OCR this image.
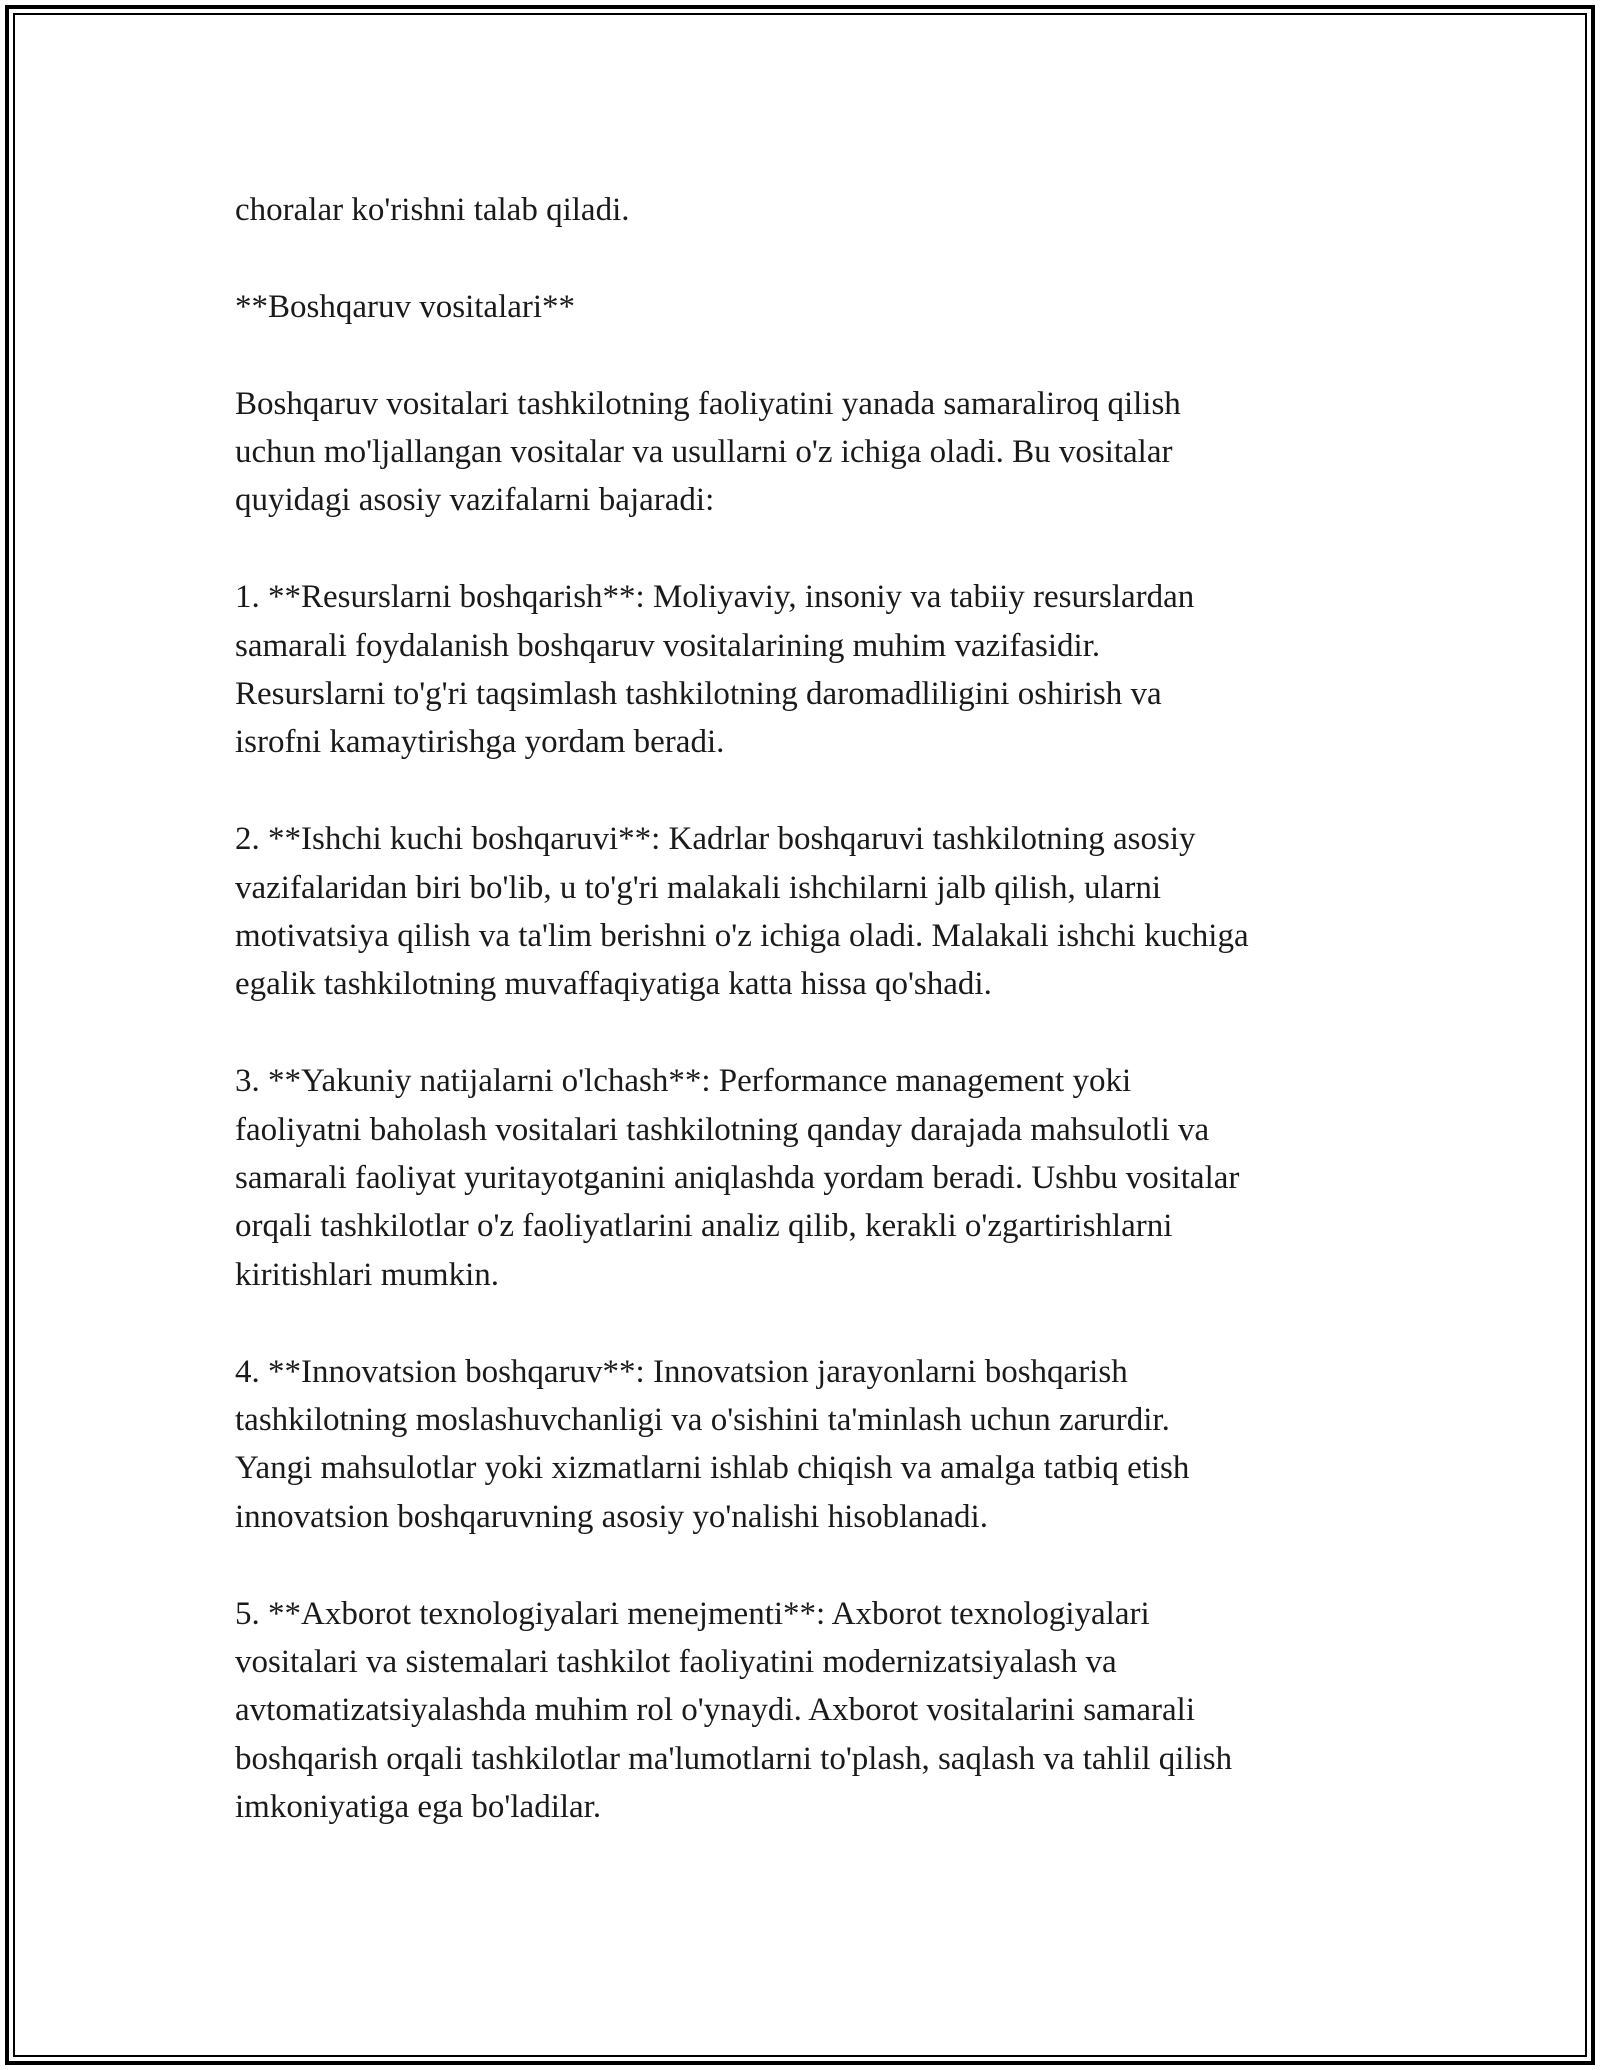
choralar ko'rishni talab qiladi.

**Boshqaruv vositalari**

Boshqaruv vositalari tashkilotning faoliyatini yanada samaraliroq qilish
uchun mo'ljallangan vositalar va usullarni o'z ichiga oladi. Bu vositalar
quyidagi asosiy vazifalarni bajaradi:

1. **Resurslarni boshqarish**: Moliyaviy, insoniy va tabiiy resurslardan
samarali foydalanish boshqaruv vositalarining muhim vazifasidir.
Resurslarni to'g'ri taqsimlash tashkilotning daromadliligini oshirish va
isrofni kamaytirishga yordam beradi.

2. **Ishchi kuchi boshqaruvi**: Kadrlar boshqaruvi tashkilotning asosiy
vazifalaridan biri bo'lib, u to'g'ri malakali ishchilarni jalb qilish, ularni
motivatsiya qilish va ta'lim berishni o'z ichiga oladi. Malakali ishchi kuchiga
egalik tashkilotning muvaffaqiyatiga katta hissa qo'shadi.

3. **Yakuniy natijalarni o'lchash**: Performance management yoki
faoliyatni baholash vositalari tashkilotning qanday darajada mahsulotli va
samarali faoliyat yuritayotganini aniqlashda yordam beradi. Ushbu vositalar
orqali tashkilotlar o'z faoliyatlarini analiz qilib, kerakli o'zgartirishlarni
kiritishlari mumkin.

4. **Innovatsion boshqaruv**: Innovatsion jarayonlarni boshqarish
tashkilotning moslashuvchanligi va o'sishini ta'minlash uchun zarurdir.
Yangi mahsulotlar yoki xizmatlarni ishlab chiqish va amalga tatbiq etish
innovatsion boshqaruvning asosiy yo'nalishi hisoblanadi.

5. **Axborot texnologiyalari menejmenti**: Axborot texnologiyalari
vositalari va sistemalari tashkilot faoliyatini modernizatsiyalash va
avtomatizatsiyalashda muhim rol o'ynaydi. Axborot vositalarini samarali
boshqarish orqali tashkilotlar ma'lumotlarni to'plash, saqlash va tahlil qilish
imkoniyatiga ega bo'ladilar.
